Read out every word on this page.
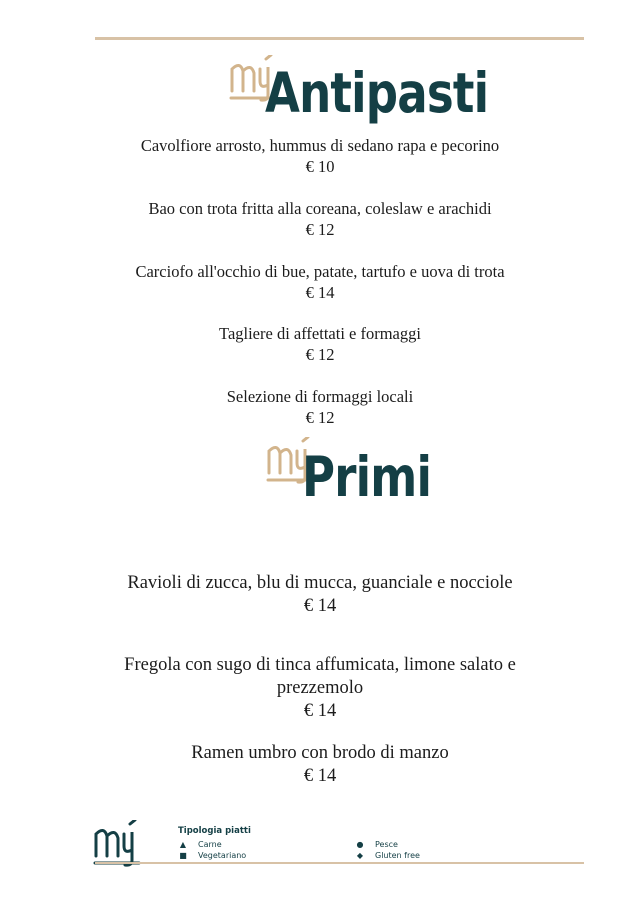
Antipasti
Cavolfiore arrosto, hummus di sedano rapa e pecorino
€ 10
Bao con trota fritta alla coreana, coleslaw e arachidi
€ 12
Carciofo all'occhio di bue, patate, tartufo e uova di trota
€ 14
Tagliere di affettati e formaggi
€ 12
Selezione di formaggi locali
€ 12
Primi
Ravioli di zucca, blu di mucca, guanciale e nocciole
€ 14
Fregola con sugo di tinca affumicata, limone salato e
prezzemolo
€ 14
Ramen umbro con brodo di manzo
€ 14
Tipologia piatti
▲ Carne
■ Vegetariano
● Pesce
◆ Gluten free
